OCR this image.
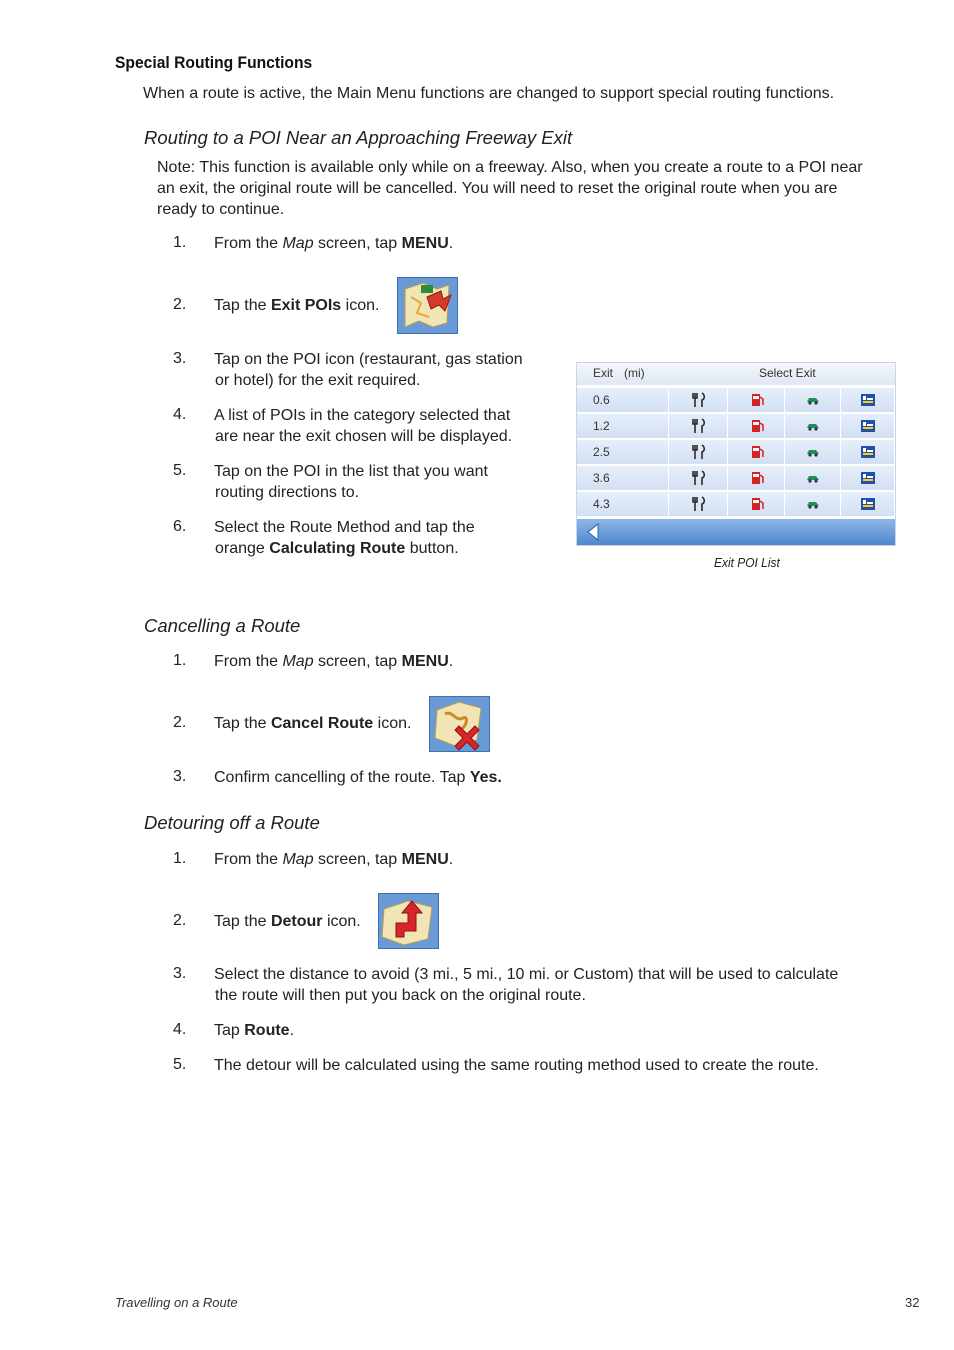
Special Routing Functions
When a route is active, the Main Menu functions are changed to support special routing functions.
Routing to a POI Near an Approaching Freeway Exit
Note: This function is available only while on a freeway. Also, when you create a route to a POI near
an exit, the original route will be cancelled. You will need to reset the original route when you are
ready to continue.
1. From the Map screen, tap MENU.
2. Tap the Exit POIs icon.
3. Tap on the POI icon (restaurant, gas station
or hotel) for the exit required.
4. A list of POIs in the category selected that
are near the exit chosen will be displayed.
5. Tap on the POI in the list that you want
routing directions to.
6. Select the Route Method and tap the
orange Calculating Route button.
Exit (mi)	Select Exit
0.6
1.2
2.5
3.6
4.3
Exit POI List
Cancelling a Route
1. From the Map screen, tap MENU.
2. Tap the Cancel Route icon.
3. Confirm cancelling of the route. Tap Yes.
Detouring off a Route
1. From the Map screen, tap MENU.
2. Tap the Detour icon.
3. Select the distance to avoid (3 mi., 5 mi., 10 mi. or Custom) that will be used to calculate
the route will then put you back on the original route.
4. Tap Route.
5. The detour will be calculated using the same routing method used to create the route.
Travelling on a Route	32
